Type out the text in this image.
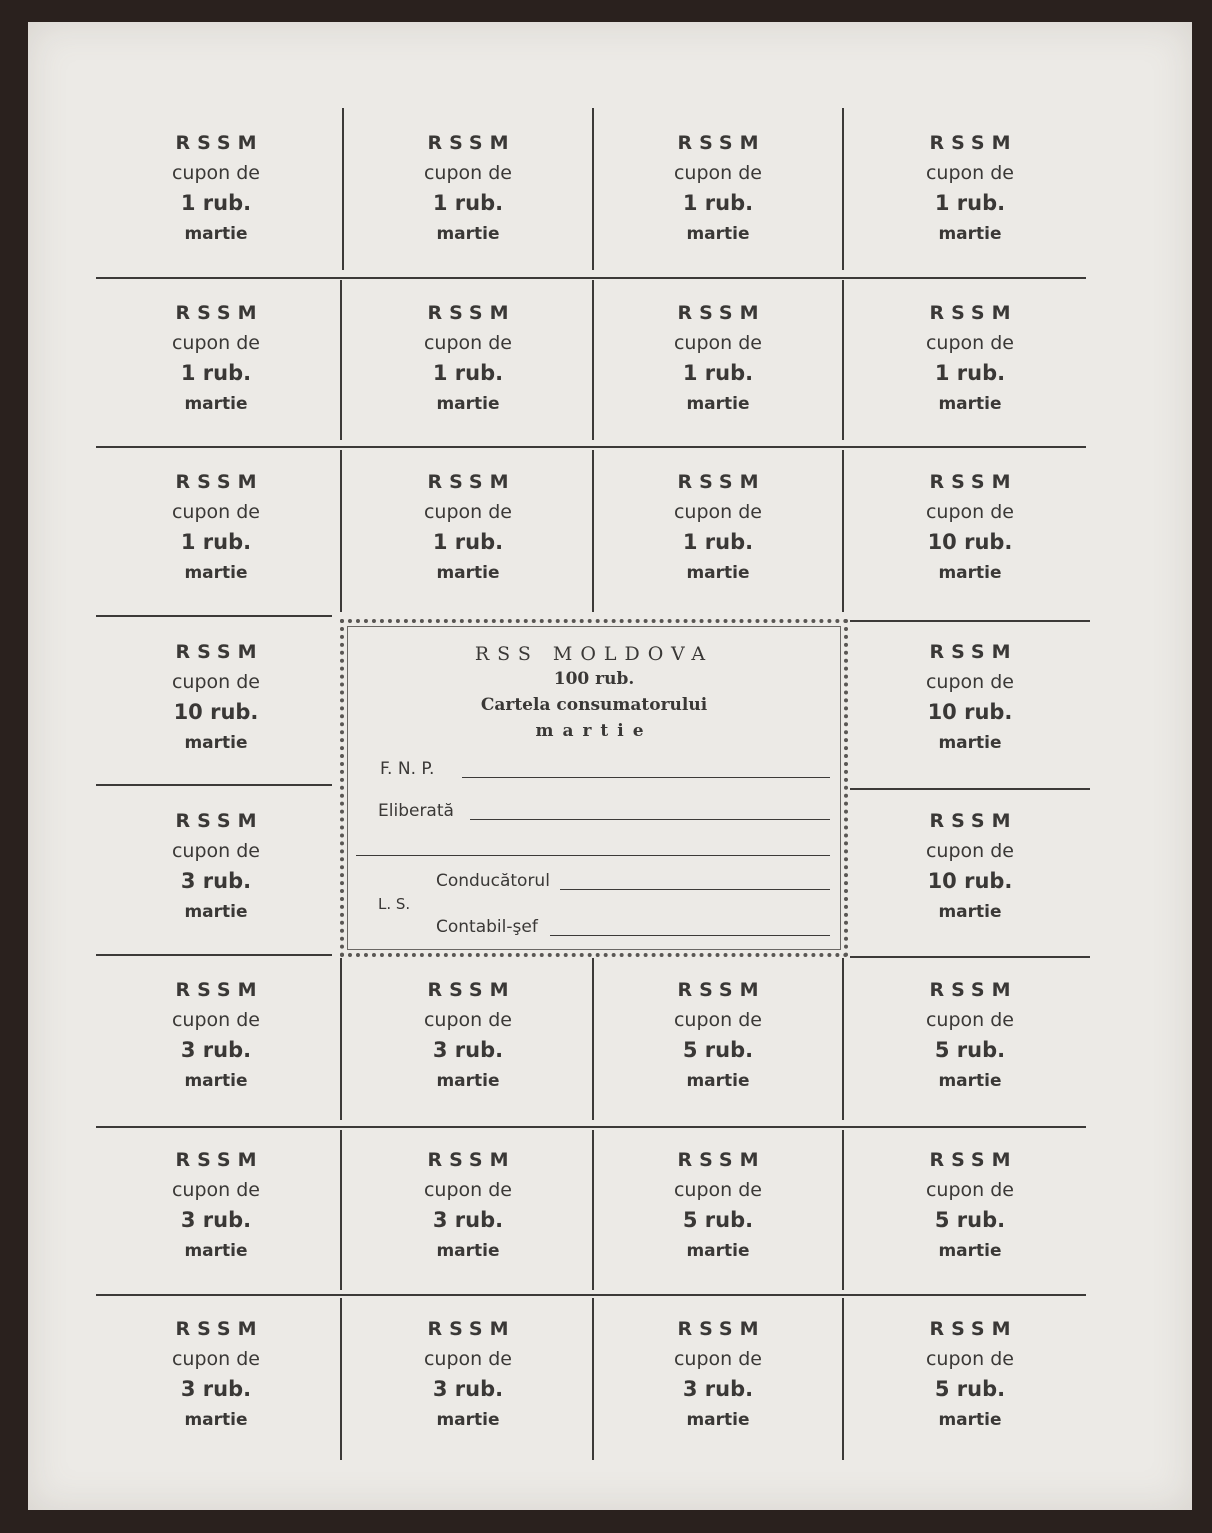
RSSM
cupon de
1 rub.
martie
RSSM
cupon de
1 rub.
martie
RSSM
cupon de
1 rub.
martie
RSSM
cupon de
1 rub.
martie
RSSM
cupon de
1 rub.
martie
RSSM
cupon de
1 rub.
martie
RSSM
cupon de
1 rub.
martie
RSSM
cupon de
1 rub.
martie
RSSM
cupon de
1 rub.
martie
RSSM
cupon de
1 rub.
martie
RSSM
cupon de
1 rub.
martie
RSSM
cupon de
10 rub.
martie
RSSM
cupon de
10 rub.
martie
RSSM
cupon de
10 rub.
martie
RSSM
cupon de
3 rub.
martie
RSSM
cupon de
10 rub.
martie
RSSM
cupon de
3 rub.
martie
RSSM
cupon de
3 rub.
martie
RSSM
cupon de
5 rub.
martie
RSSM
cupon de
5 rub.
martie
RSSM
cupon de
3 rub.
martie
RSSM
cupon de
3 rub.
martie
RSSM
cupon de
5 rub.
martie
RSSM
cupon de
5 rub.
martie
RSSM
cupon de
3 rub.
martie
RSSM
cupon de
3 rub.
martie
RSSM
cupon de
3 rub.
martie
RSSM
cupon de
5 rub.
martie
RSS MOLDOVA
100 rub.
Cartela consumatorului
martie
F. N. P.
Eliberată
Conducătorul
L. S.
Contabil-şef
